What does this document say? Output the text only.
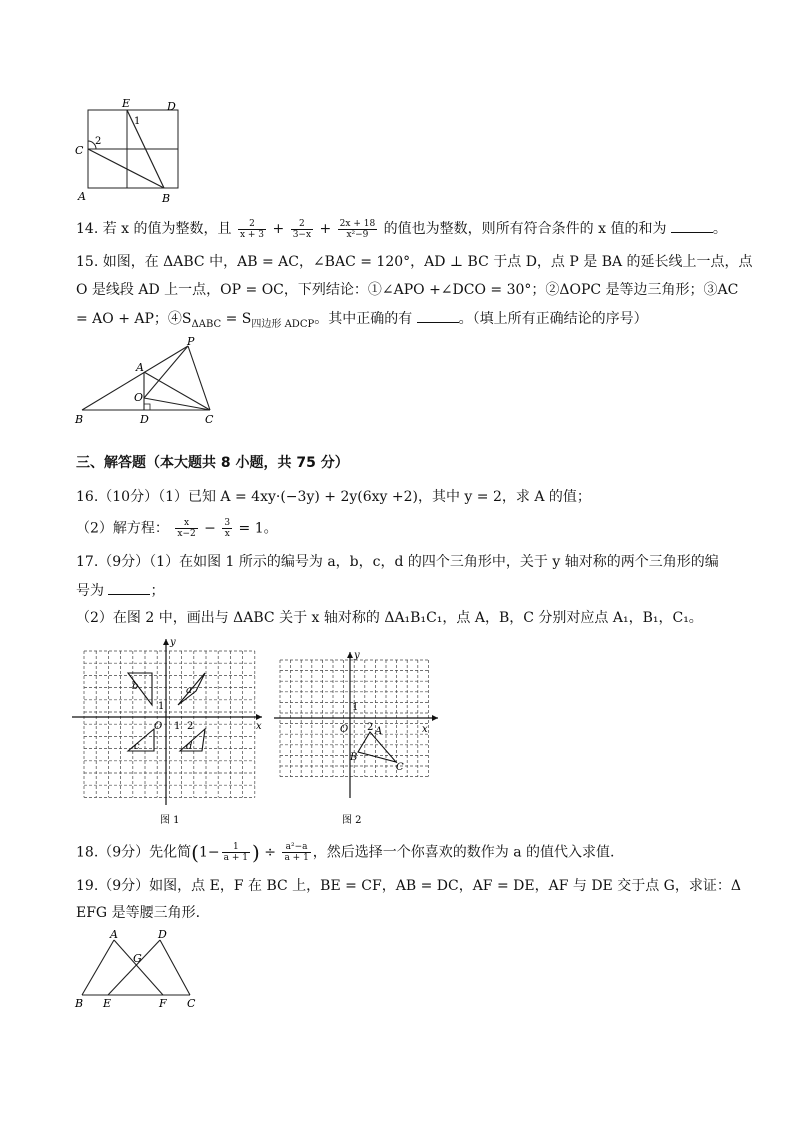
E	D
C
A	B
1
2
14. 若 x 的值为整数，且 $\frac{2}{x + 3} + \frac{2}{3-x} + \frac{2x + 18}{\text{x²−9}}$ 的值也为整数，则所有符合条件的 x 值的和为	。
15. 如图，在 ΔABC 中，AB = AC，∠BAC = 120°，AD ⊥ BC 于点 D，点 P 是 BA 的延长线上一点，点
O 是线段 AD 上一点，OP = OC，下列结论：①∠APO +∠DCO = 30°；②ΔOPC 是等边三角形；③AC
= AO + AP；$④S_{\Delta ABC} = S_{四边形 ADCP}$。其中正确的有	。（填上所有正确结论的序号）
P
A
O
B	D	C
三、解答题（本大题共 8 小题，共 75 分）
16.（10分）（1）已知 A = 4xy·(−3y) + 2y(6xy +2)，其中 y = 2，求 A 的值；
（2）解方程： $\frac{x}{x-2} - \frac{3}{x} = 1$。
17.（9分）（1）在如图 1 所示的编号为 a，b，c，d 的四个三角形中，关于 y 轴对称的两个三角形的编
号为	；
（2）在图 2 中，画出与 ΔABC 关于 x 轴对称的 ΔA₁B₁C₁，点 A，B，C 分别对应点 A₁，B₁，C₁。
x
y
O 1 2
1
a
b
c	d
图 1
x
y
O
1
2 A
B
C
图 2
18.（9分）先化简($1- \frac{1}{a + 1}$ ) ÷ $\frac{\text{a²−a}}{a + 1}$ ，然后选择一个你喜欢的数作为 a 的值代入求值.
19.（9分）如图，点 E，F 在 BC 上，BE = CF，AB = DC，AF = DE，AF 与 DE 交于点 G，求证：Δ
EFG 是等腰三角形.
A	D
G
B E	F C
